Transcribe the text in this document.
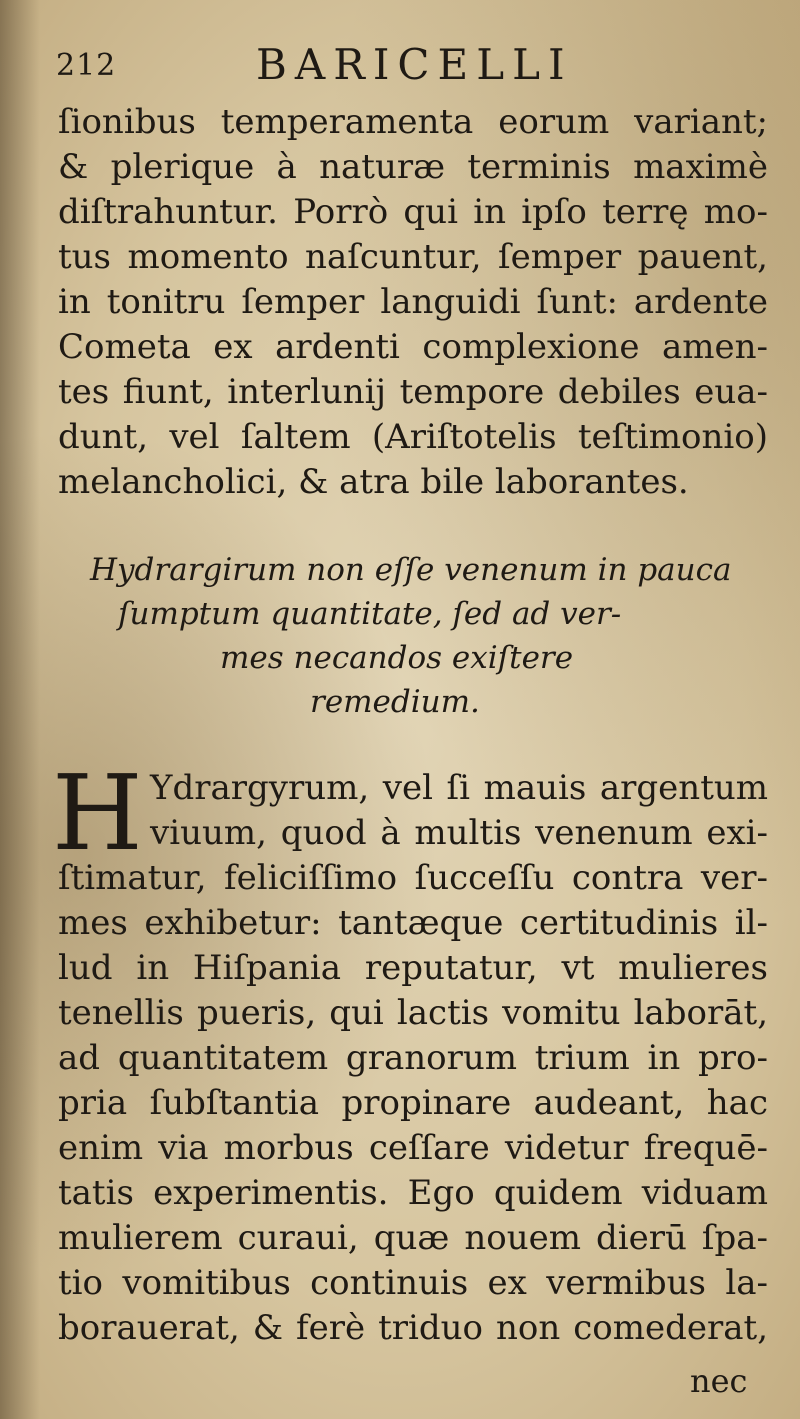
212	BARICELLI
ſionibus temperamenta eorum variant;
& plerique à naturæ terminis maximè
diſtrahuntur. Porrò qui in ipſo terrę mo-
tus momento naſcuntur, ſemper pauent,
in tonitru ſemper languidi ſunt: ardente
Cometa ex ardenti complexione amen-
tes fiunt, interlunij tempore debiles eua-
dunt, vel ſaltem (Ariſtotelis teſtimonio)
melancholici, & atra bile laborantes.
Hydrargirum non eſſe venenum in pauca
ſumptum quantitate, ſed ad ver-
mes necandos exiſtere
remedium.
H Ydrargyrum, vel ſi mauis argentum
viuum, quod à multis venenum exi-
ſtimatur, feliciſſimo ſucceſſu contra ver-
mes exhibetur: tantæque certitudinis il-
lud in Hiſpania reputatur, vt mulieres
tenellis pueris, qui lactis vomitu laborāt,
ad quantitatem granorum trium in pro-
pria ſubſtantia propinare audeant, hac
enim via morbus ceſſare videtur frequē-
tatis experimentis. Ego quidem viduam
mulierem curaui, quæ nouem dierū ſpa-
tio vomitibus continuis ex vermibus la-
borauerat, & ferè triduo non comederat,
nec
